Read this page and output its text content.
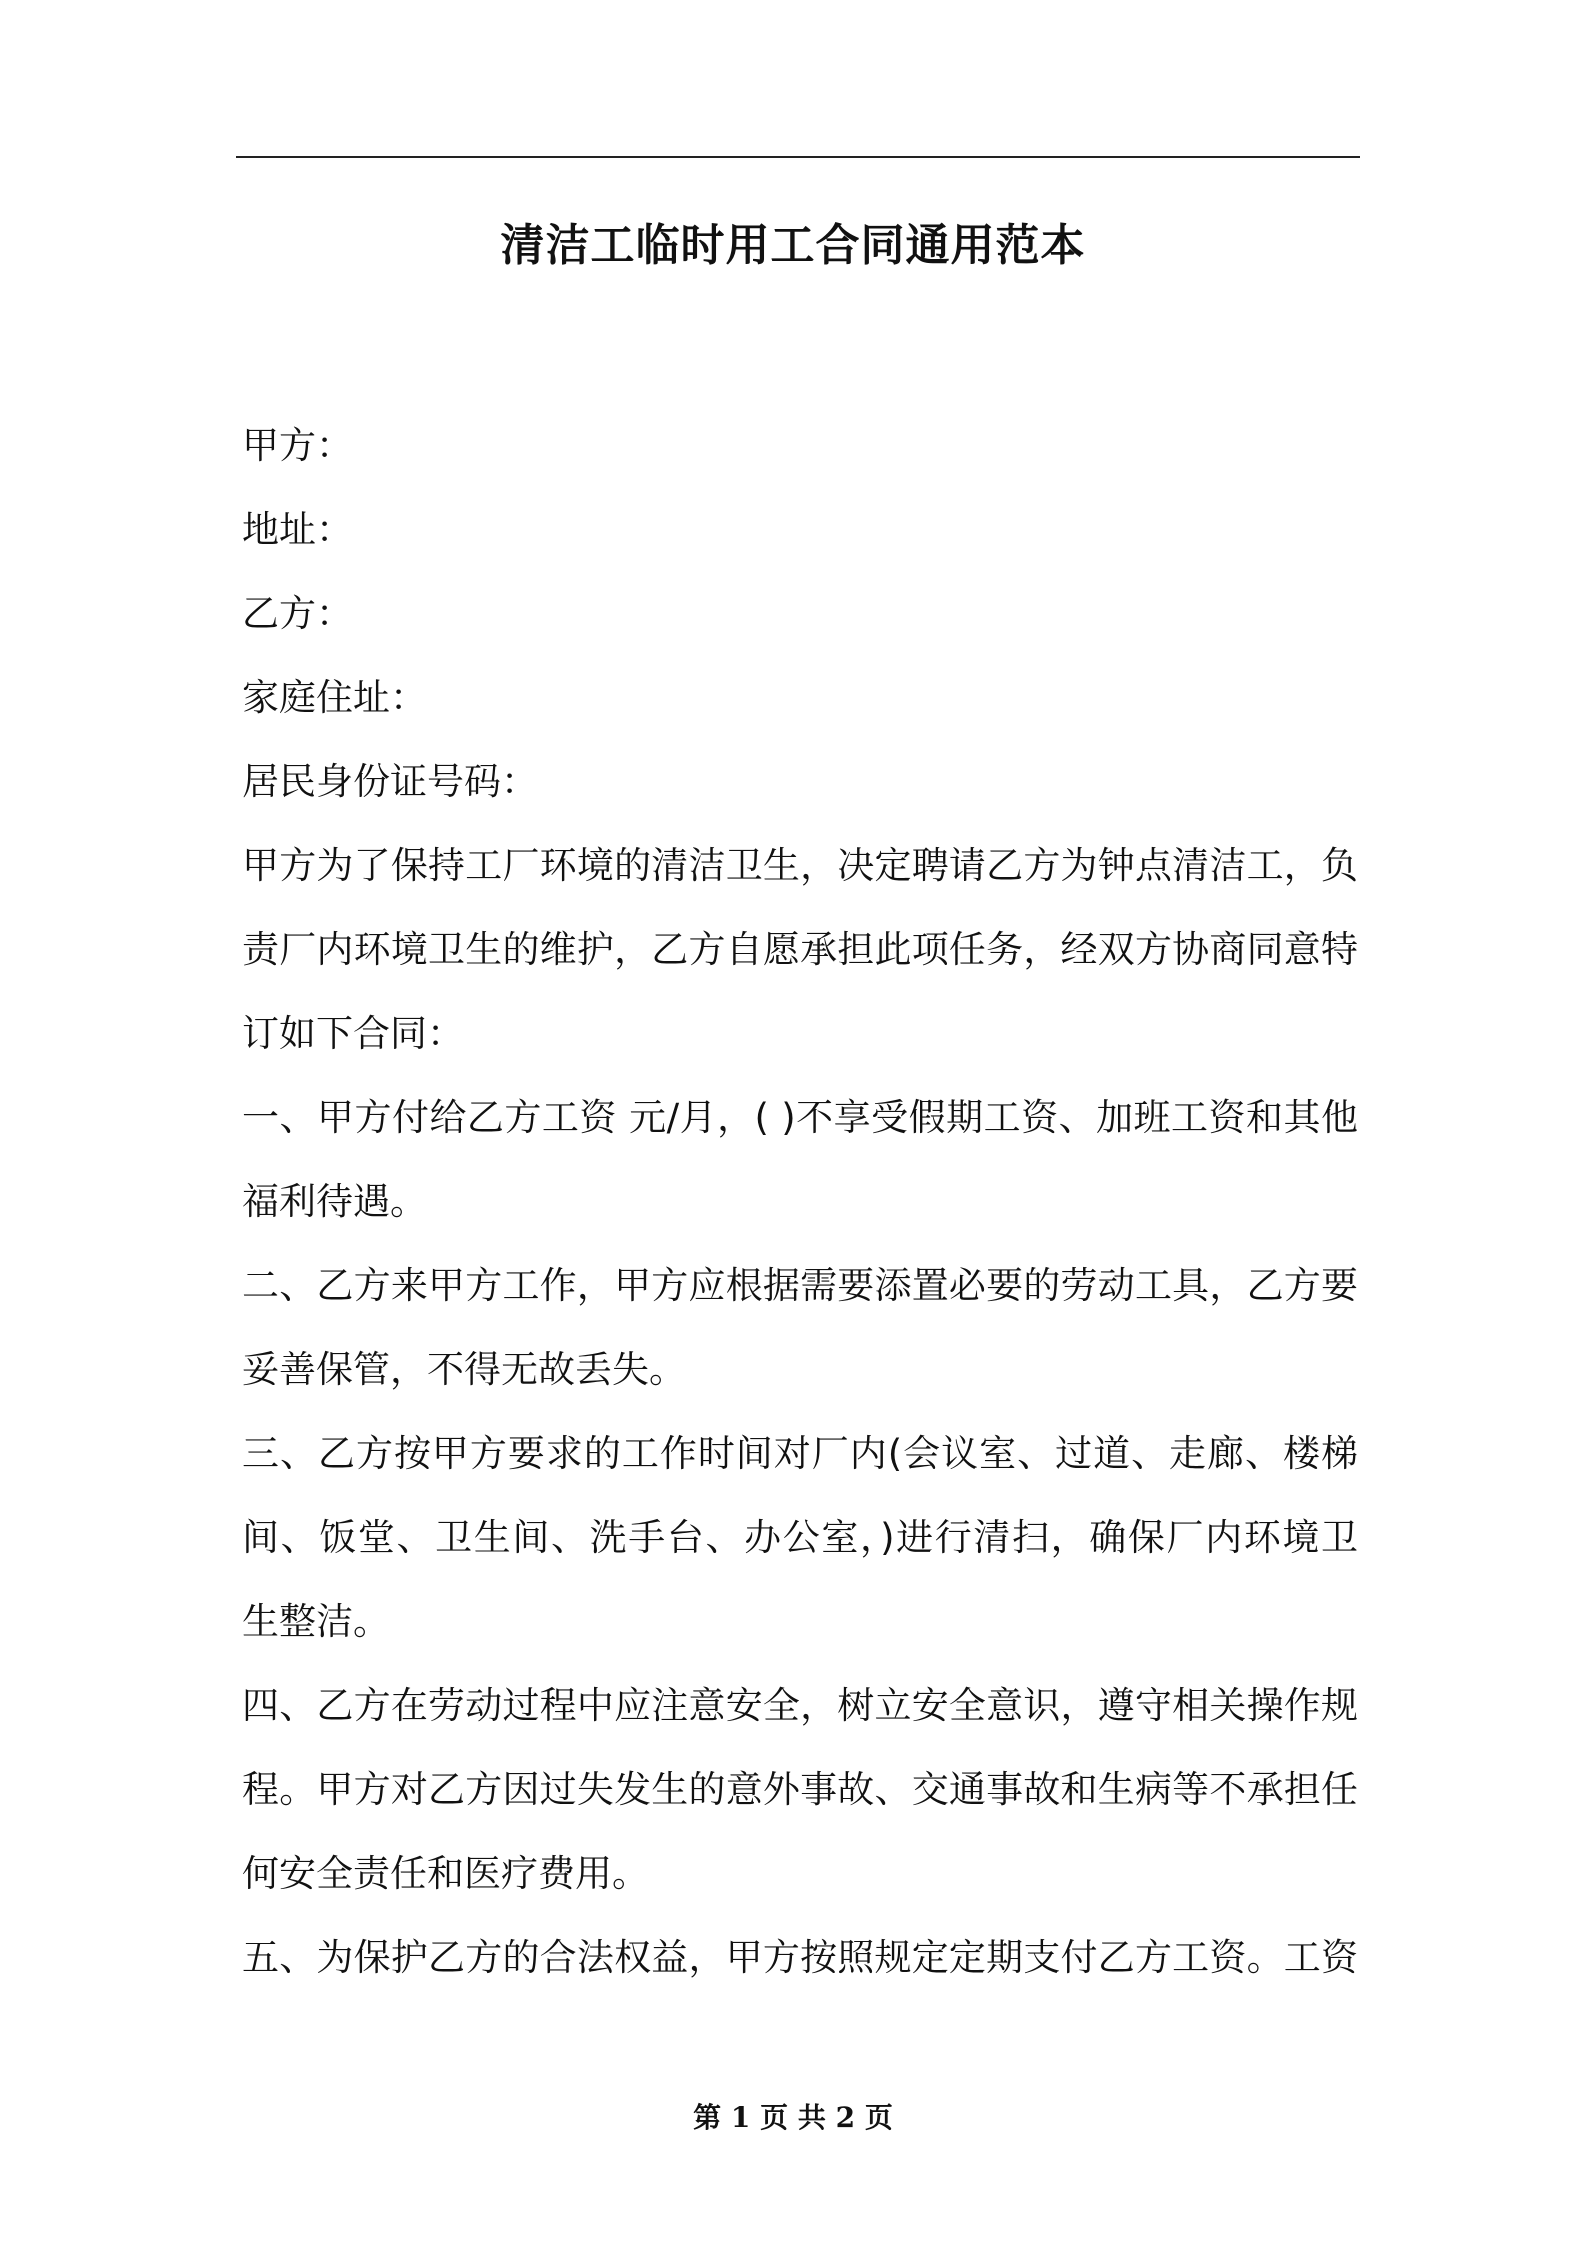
清洁工临时用工合同通用范本
甲方：
地址：
乙方：
家庭住址：
居民身份证号码：
甲方为了保持工厂环境的清洁卫生，决定聘请乙方为钟点清洁工，负
责厂内环境卫生的维护，乙方自愿承担此项任务，经双方协商同意特
订如下合同：
一、甲方付给乙方工资 元/月，( )不享受假期工资、加班工资和其他
福利待遇。
二、乙方来甲方工作，甲方应根据需要添置必要的劳动工具，乙方要
妥善保管，不得无故丢失。
三、乙方按甲方要求的工作时间对厂内(会议室、过道、走廊、楼梯
间、饭堂、卫生间、洗手台、办公室，)进行清扫，确保厂内环境卫
生整洁。
四、乙方在劳动过程中应注意安全，树立安全意识，遵守相关操作规
程。甲方对乙方因过失发生的意外事故、交通事故和生病等不承担任
何安全责任和医疗费用。
五、为保护乙方的合法权益，甲方按照规定定期支付乙方工资。工资
第 1 页 共 2 页
